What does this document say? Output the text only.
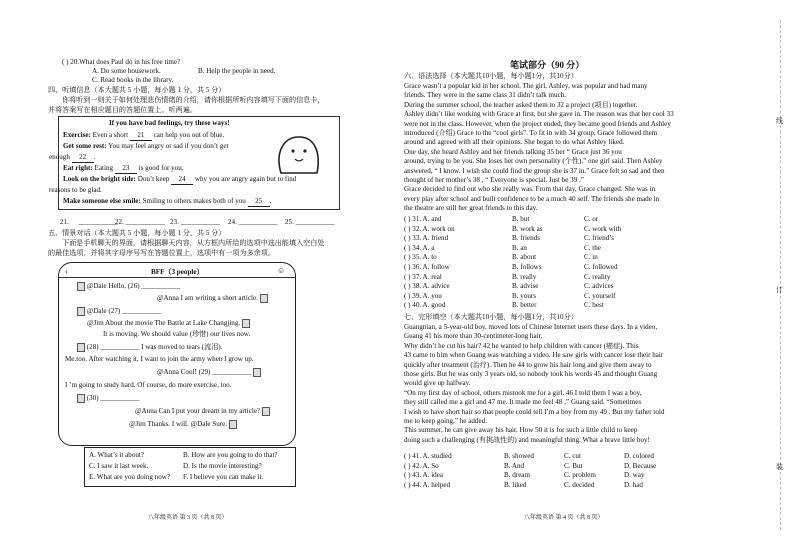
( ) 20.What does Paul do in his free time?
A. Do some housework.	B. Help the people in need.
C. Read books in the library.
四、听填信息（本大题共 5 小题，每小题 1 分，共 5 分）
你将听到一则关于如何处理悲伤情绪的介绍，请你根据所听内容填写下面的信息卡，
并将答案写在相应题目的答题位置上。听两遍。
If you have bad feelings, try these ways!
Exercise: Even a short 21 can help you out of blue.
Get some rest: You may feel angry or sad if you don’t get
enough 22 .
Eat right: Eating 23 is good for you.
Look on the bright side: Don’t keep 24 why you are angry again but to find
reasons to be glad.
Make someone else smile: Smiling to others makes both of you 25 .
21. ___________
22. ___________ 23. ___________ 24. ___________ 25. ___________
五、情景对话（本大题共 5 小题，每小题 1 分，共 5 分）
下面是手机聊天的界面，请根据聊天内容，从方框内所给的选项中选出能填入空白处
的最佳选项，并将其字母序号写在答题位置上，选项中有一项为多余项。
‹	BFF（3 people）	☺
@Dale Hello, (26) ___________
@Anna I am writing a short article.
@Dale (27) ___________
@Jim About the movie The Battle at Lake Changjing.
It is moving. We should value (珍惜) our lives now.
(28) ___________ I was moved to tears (流泪).
Me.too. After watching it, I want to join the army when I grow up.
@Anna Cool! (29) ___________
I ’m going to study hard. Of course, do more exercise, too.
(30) ___________
@Anna Can I put your dream in my article?
@Jim Thanks. I will. @Dale Sure.
A. What’s it about?	B. How are you going to do that?
C. I saw it last week.	D. Is the movie interesting?
E. What are you doing now? F. I believe you can make it.
八年级英语 第 3 页（共 8 页）
笔试部分（90 分）
六、语法选择（本大题共10小题，每小题1分，共10分）
Grace wasn’t a popular kid in her school. The girl, Ashley, was popular and had many
friends. They were in the same class 31 didn’t talk much.
During the summer school, the teacher asked them to 32 a project (项目) together.
Ashley didn’t like working with Grace at first, but she gave in. The reason was that her cool 33
were not in the class. However, when the project ended, they became good friends and Ashley
introduced (介绍) Grace to the “cool girls”. To fit in with 34 group, Grace followed them
around and agreed with all their opinions. She began to do what Ashley liked.
One day, she heard Ashley and her friends talking 35 her “ Grace just 36 you
around, trying to be you. She loses her own personality (个性),” one girl said. Then Ashley
answered, “ I know. I wish she could find the group she is 37 in.” Grace felt so sad and then
thought of her mother’s 38 , “ Everyone is special. Just be 39 .”
Grace decided to find out who she really was. From that day, Grace changed. She was in
every play after school and built confidence to be a much 40 self. The friends she made in
the theatre are still her great friends to this day.
( ) 31. A. and	B. but	C. or
( ) 32. A. work on	B. work as	C. work with
( ) 33. A. friend	B. friends	C. friend’s
( ) 34. A. a	B. an	C. the
( ) 35. A. to	B. about	C. in
( ) 36. A. follow	B. follows	C. followed
( ) 37. A. real	B. really	C. reality
( ) 38. A. advice	B. advise	C. advices
( ) 39. A. you	B. yours	C. yourself
( ) 40. A. good	B. better	C. best
七、完形填空（本大题共10小题，每小题1分，共10分）
Guangnian, a 5-year-old boy, moved lots of Chinese Internet users these days. In a video,
Guang 41 his more than 30-centimeter-long hair.
Why didn’t he cut his hair? 42 he wanted to help children with cancer (癌症). This
43 came to him when Guang was watching a video. He saw girls with cancer lose their hair
quickly after treatment (治疗). Then he 44 to grow his hair long and give them away to
those girls. But he was only 3 years old, so nobody took his words 45 and thought Guang
would give up halfway.
“On my first day of school, others mistook me for a girl. 46 I told them I was a boy,
they still called me a girl and 47 me. It made me feel 48 ,” Guang said. “Sometimes
I wish to have short hair so that people could tell I’m a boy from my 49 . But my father told
me to keep going,” he added.
This summer, he can give away his hair. How 50 it is for such a little child to keep
doing such a challenging (有挑战性的) and meaningful thing. What a brave little boy!
( ) 41. A. studied	B. showed	C. cut	D. colored
( ) 42. A. So	B. And	C. But	D. Because
( ) 43. A. idea	B. dream	C. problem	D. way
( ) 44. A. helped	B. liked	C. decided	D. had
八年级英语 第 4 页（共 8 页）
线
订
装
